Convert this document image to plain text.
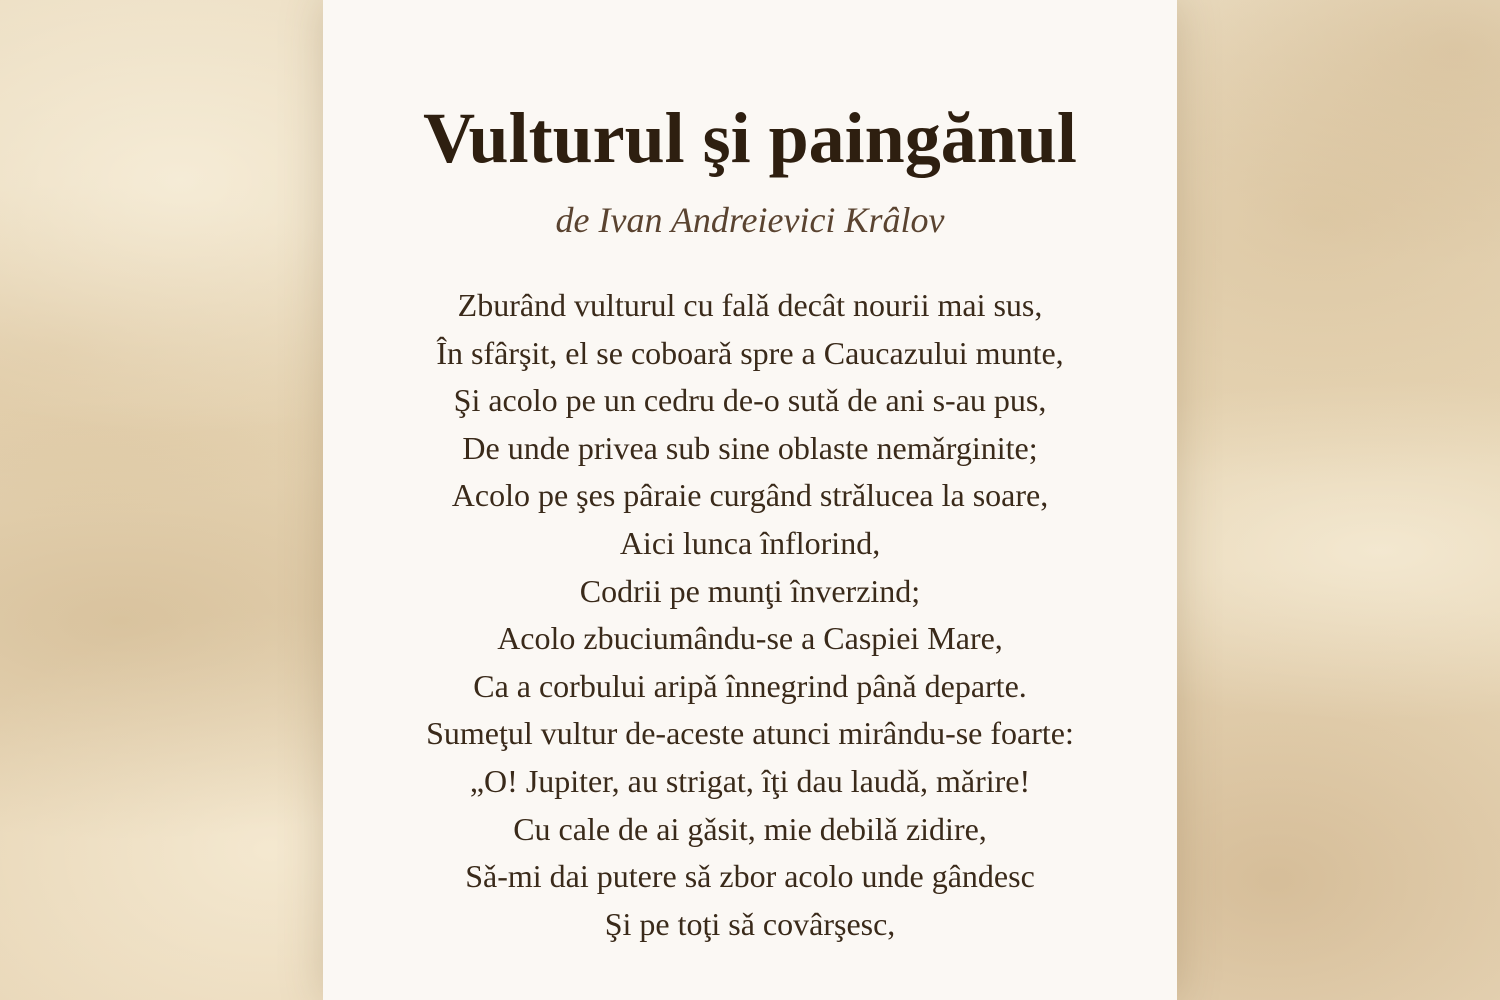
Vulturul şi paingănul
de Ivan Andreievici Krâlov
Zburând vulturul cu falǎ decât nourii mai sus,
În sfârşit, el se coboarǎ spre a Caucazului munte,
Şi acolo pe un cedru de-o sutǎ de ani s-au pus,
De unde privea sub sine oblaste nemǎrginite;
Acolo pe şes pâraie curgând strǎlucea la soare,
Aici lunca înflorind,
Codrii pe munţi înverzind;
Acolo zbuciumându-se a Caspiei Mare,
Ca a corbului aripǎ înnegrind pânǎ departe.
Sumeţul vultur de-aceste atunci mirându-se foarte:
„O! Jupiter, au strigat, îţi dau laudǎ, mǎrire!
Cu cale de ai gǎsit, mie debilǎ zidire,
Sǎ-mi dai putere sǎ zbor acolo unde gândesc
Şi pe toţi sǎ covârşesc,
